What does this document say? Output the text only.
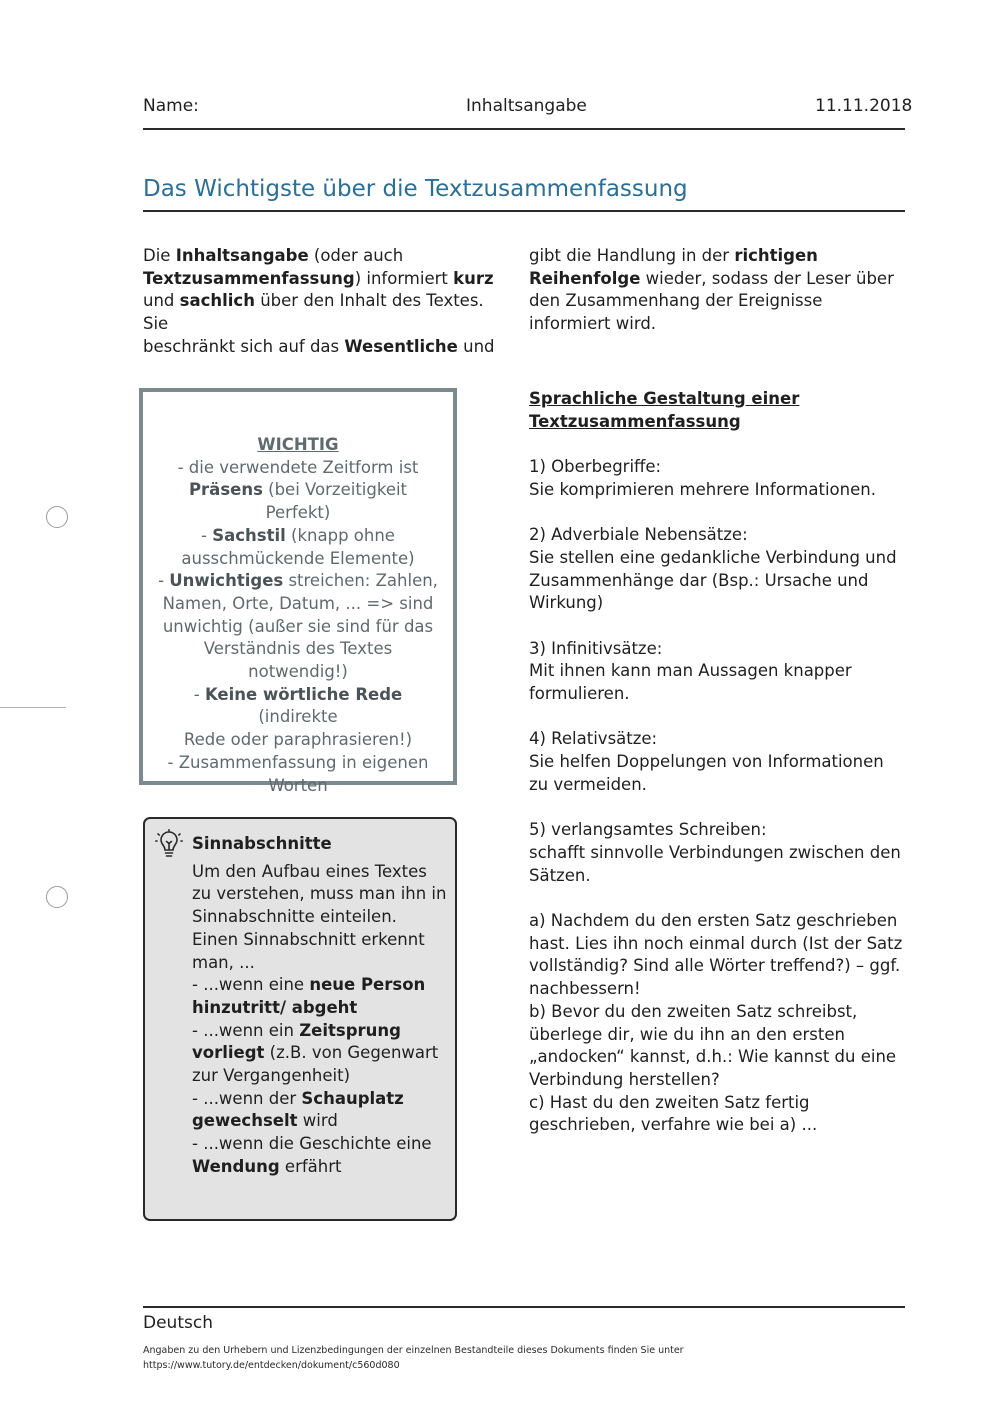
Name:	Inhaltsangabe	11.11.2018
Das Wichtigste über die Textzusammenfassung

Die Inhaltsangabe (oder auch

Textzusammenfassung) informiert kurz

und sachlich über den Inhalt des Textes. Sie

beschränkt sich auf das Wesentliche und

gibt die Handlung in der richtigen

Reihenfolge wieder, sodass der Leser über

den Zusammenhang der Ereignisse

informiert wird.

WICHTIG

- die verwendete Zeitform ist

Präsens (bei Vorzeitigkeit Perfekt)

- Sachstil (knapp ohne

ausschmückende Elemente)

- Unwichtiges streichen: Zahlen,

Namen, Orte, Datum, ... => sind

unwichtig (außer sie sind für das

Verständnis des Textes

notwendig!)

- Keine wörtliche Rede (indirekte

Rede oder paraphrasieren!)

- Zusammenfassung in eigenen

Worten

Sinnabschnitte

Um den Aufbau eines Textes

zu verstehen, muss man ihn in

Sinnabschnitte einteilen.

Einen Sinnabschnitt erkennt

man, ...

- ...wenn eine neue Person

hinzutritt/ abgeht

- ...wenn ein Zeitsprung

vorliegt (z.B. von Gegenwart

zur Vergangenheit)

- ...wenn der Schauplatz

gewechselt wird

- ...wenn die Geschichte eine

Wendung erfährt

Sprachliche Gestaltung einer

Textzusammenfassung

1) Oberbegriffe:

Sie komprimieren mehrere Informationen.

2) Adverbiale Nebensätze:

Sie stellen eine gedankliche Verbindung und

Zusammenhänge dar (Bsp.: Ursache und

Wirkung)

3) Infinitivsätze:

Mit ihnen kann man Aussagen knapper

formulieren.

4) Relativsätze:

Sie helfen Doppelungen von Informationen

zu vermeiden.

5) verlangsamtes Schreiben:

schafft sinnvolle Verbindungen zwischen den

Sätzen.

a) Nachdem du den ersten Satz geschrieben

hast. Lies ihn noch einmal durch (Ist der Satz

vollständig? Sind alle Wörter treffend?) – ggf.

nachbessern!

b) Bevor du den zweiten Satz schreibst,

überlege dir, wie du ihn an den ersten

„andocken“ kannst, d.h.: Wie kannst du eine

Verbindung herstellen?

c) Hast du den zweiten Satz fertig

geschrieben, verfahre wie bei a) ...

Deutsch

Angaben zu den Urhebern und Lizenzbedingungen der einzelnen Bestandteile dieses Dokuments finden Sie unter

https://www.tutory.de/entdecken/dokument/c560d080
